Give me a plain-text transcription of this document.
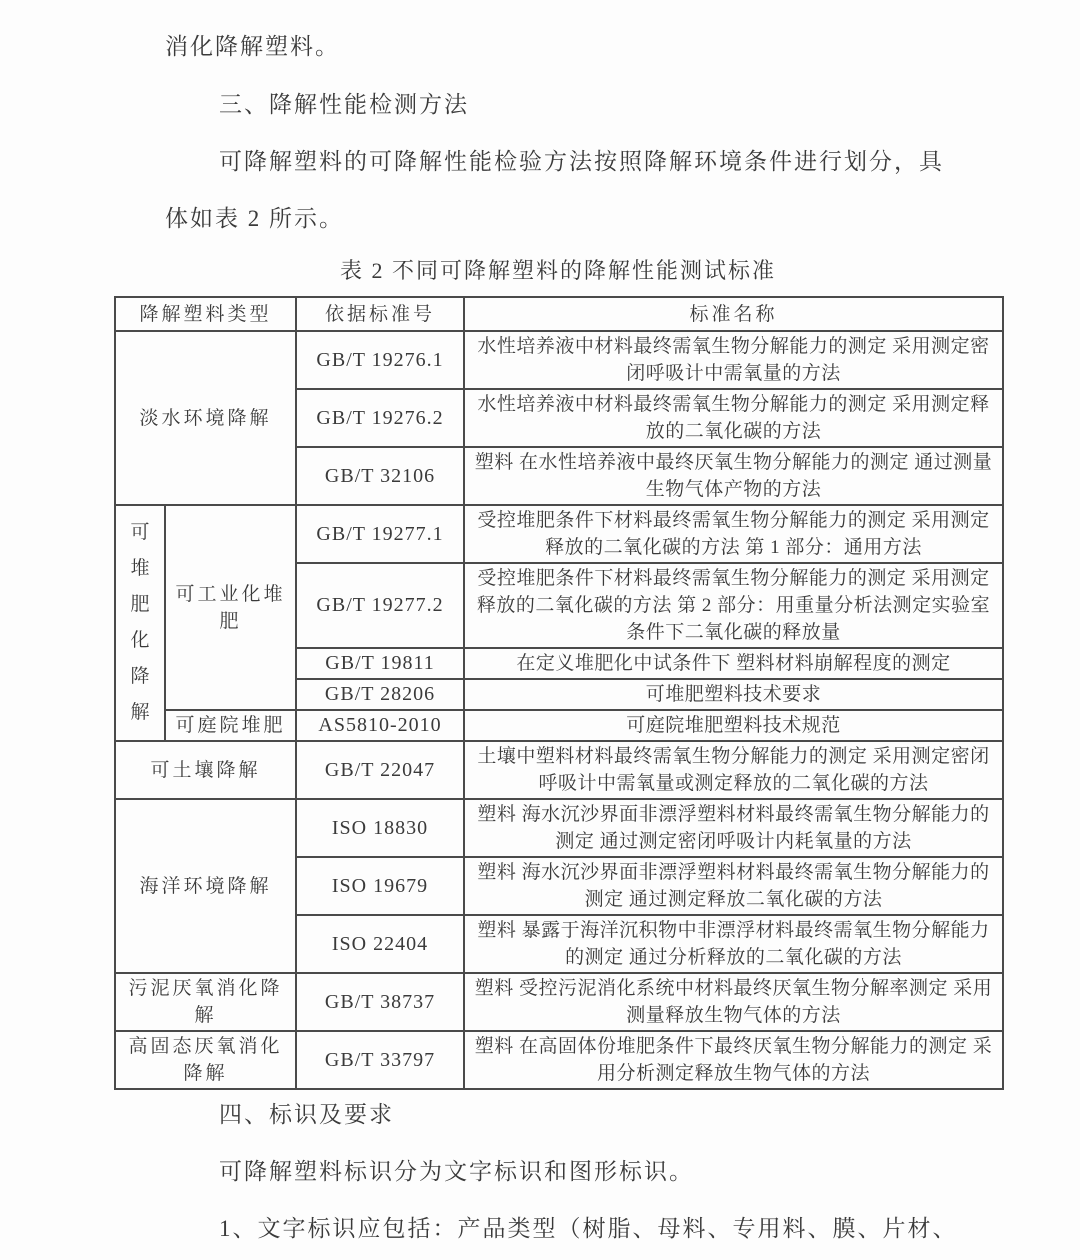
消化降解塑料。
三、降解性能检测方法
可降解塑料的可降解性能检验方法按照降解环境条件进行划分，具
体如表 2 所示。
表 2 不同可降解塑料的降解性能测试标准
降解塑料类型		依据标准号	标准名称
淡水环境降解		GB/T 19276.1	水性培养液中材料最终需氧生物分解能力的测定 采用测定密闭呼吸计中需氧量的方法
		GB/T 19276.2	水性培养液中材料最终需氧生物分解能力的测定 采用测定释放的二氧化碳的方法
		GB/T 32106	塑料 在水性培养液中最终厌氧生物分解能力的测定 通过测量生物气体产物的方法
可堆肥化降解	可工业化堆肥	GB/T 19277.1	受控堆肥条件下材料最终需氧生物分解能力的测定 采用测定释放的二氧化碳的方法 第 1 部分：通用方法
		GB/T 19277.2	受控堆肥条件下材料最终需氧生物分解能力的测定 采用测定释放的二氧化碳的方法 第 2 部分：用重量分析法测定实验室条件下二氧化碳的释放量
		GB/T 19811	在定义堆肥化中试条件下 塑料材料崩解程度的测定
		GB/T 28206	可堆肥塑料技术要求
	可庭院堆肥	AS5810-2010	可庭院堆肥塑料技术规范
可土壤降解		GB/T 22047	土壤中塑料材料最终需氧生物分解能力的测定 采用测定密闭呼吸计中需氧量或测定释放的二氧化碳的方法
海洋环境降解		ISO 18830	塑料 海水沉沙界面非漂浮塑料材料最终需氧生物分解能力的测定 通过测定密闭呼吸计内耗氧量的方法
		ISO 19679	塑料 海水沉沙界面非漂浮塑料材料最终需氧生物分解能力的测定 通过测定释放二氧化碳的方法
		ISO 22404	塑料 暴露于海洋沉积物中非漂浮材料最终需氧生物分解能力的测定 通过分析释放的二氧化碳的方法
污泥厌氧消化降解		GB/T 38737	塑料 受控污泥消化系统中材料最终厌氧生物分解率测定 采用测量释放生物气体的方法
高固态厌氧消化降解		GB/T 33797	塑料 在高固体份堆肥条件下最终厌氧生物分解能力的测定 采用分析测定释放生物气体的方法
四、标识及要求
可降解塑料标识分为文字标识和图形标识。
1、文字标识应包括：产品类型（树脂、母料、专用料、膜、片材、
